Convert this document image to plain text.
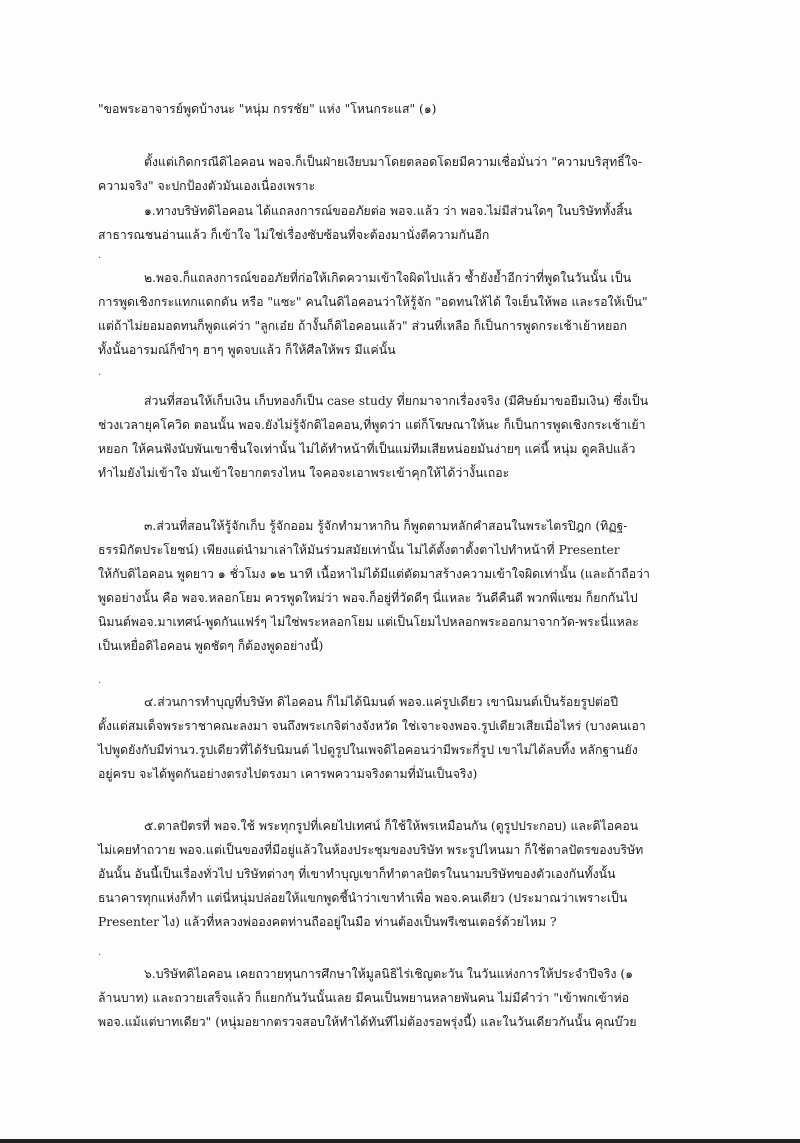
"ขอพระอาจารย์พูดบ้างนะ "หนุ่ม กรรชัย" แห่ง "โหนกระแส" (๑)
ตั้งแต่เกิดกรณีดิไอคอน พอจ.ก็เป็นฝ่ายเงียบมาโดยตลอดโดยมีความเชื่อมั่นว่า "ความบริสุทธิ์ใจ-
ความจริง" จะปกป้องตัวมันเองเนื่องเพราะ
๑.ทางบริษัทดิไอคอน ได้แถลงการณ์ขออภัยต่อ พอจ.แล้ว ว่า พอจ.ไม่มีส่วนใดๆ ในบริษัททั้งสิ้น
สาธารณชนอ่านแล้ว ก็เข้าใจ ไม่ใช่เรื่องซับซ้อนที่จะต้องมานั่งตีความกันอีก
·
๒.พอจ.ก็แถลงการณ์ขออภัยที่ก่อให้เกิดความเข้าใจผิดไปแล้ว ซ้ำยังย้ำอีกว่าที่พูดในวันนั้น เป็น
การพูดเชิงกระแทกแดกดัน หรือ "แซะ" คนในดิไอคอนว่าให้รู้จัก "อดทนให้ได้ ใจเย็นให้พอ และรอให้เป็น"
แต่ถ้าไม่ยอมอดทนก็พูดแค่ว่า "ลูกเอ๋ย ถ้างั้นก็ดิไอคอนแล้ว" ส่วนที่เหลือ ก็เป็นการพูดกระเช้าเย้าหยอก
ทั้งนั้นอารมณ์ก็ขำๆ ฮาๆ พูดจบแล้ว ก็ให้ศีลให้พร มีแค่นั้น
·
ส่วนที่สอนให้เก็บเงิน เก็บทองก็เป็น case study ที่ยกมาจากเรื่องจริง (มีศิษย์มาขอยืมเงิน) ซึ่งเป็น
ช่วงเวลายุคโควิด ตอนนั้น พอจ.ยังไม่รู้จักดิไอคอน,ที่พูดว่า แต่ก็โฆษณาให้นะ ก็เป็นการพูดเชิงกระเช้าเย้า
หยอก ให้คนฟังนับพันเขาชื่นใจเท่านั้น ไม่ได้ทำหน้าที่เป็นแม่ทีมเสียหน่อยมันง่ายๆ แค่นี้ หนุ่ม ดูคลิปแล้ว
ทำไมยังไม่เข้าใจ มันเข้าใจยากตรงไหน ใจคอจะเอาพระเข้าคุกให้ได้ว่างั้นเถอะ
๓.ส่วนที่สอนให้รู้จักเก็บ รู้จักออม รู้จักทำมาหากิน ก็พูดตามหลักคำสอนในพระไตรปิฎก (ทิฏฐ-
ธรรมิกัตประโยชน์) เพียงแต่นำมาเล่าให้มันร่วมสมัยเท่านั้น ไม่ได้ตั้งตาตั้งตาไปทำหน้าที่ Presenter
ให้กับดิไอคอน พูดยาว ๑ ชั่วโมง ๑๒ นาที เนื้อหาไม่ได้มีแต่ตัดมาสร้างความเข้าใจผิดเท่านั้น (และถ้าถือว่า
พูดอย่างนั้น คือ พอจ.หลอกโยม ควรพูดใหม่ว่า พอจ.ก็อยู่ที่วัดดีๆ นี่แหละ วันดีคืนดี พวกพี่แซม ก็ยกกันไป
นิมนต์พอจ.มาเทศน์-พูดกันแฟร์ๆ ไม่ใช่พระหลอกโยม แต่เป็นโยมไปหลอกพระออกมาจากวัด-พระนี่แหละ
เป็นเหยื่อดิไอคอน พูดชัดๆ ก็ต้องพูดอย่างนี้)
·
๔.ส่วนการทำบุญที่บริษัท ดิไอคอน ก็ไม่ได้นิมนต์ พอจ.แค่รูปเดียว เขานิมนต์เป็นร้อยรูปต่อปี
ตั้งแต่สมเด็จพระราชาคณะลงมา จนถึงพระเกจิต่างจังหวัด ใช่เจาะจงพอจ.รูปเดียวเสียเมื่อไหร่ (บางคนเอา
ไปพูดยังกับมีท่านว.รูปเดียวที่ได้รับนิมนต์ ไปดูรูปในเพจดิไอคอนว่ามีพระกี่รูป เขาไม่ได้ลบทิ้ง หลักฐานยัง
อยู่ครบ จะได้พูดกันอย่างตรงไปตรงมา เคารพความจริงตามที่มันเป็นจริง)
๕.ตาลปัตรที่ พอจ.ใช้ พระทุกรูปที่เคยไปเทศน์ ก็ใช้ให้พรเหมือนกัน (ดูรูปประกอบ) และดิไอคอน
ไม่เคยทำถวาย พอจ.แต่เป็นของที่มีอยู่แล้วในห้องประชุมของบริษัท พระรูปไหนมา ก็ใช้ตาลปัตรของบริษัท
อันนั้น อันนี้เป็นเรื่องทั่วไป บริษัทต่างๆ ที่เขาทำบุญเขาก็ทำตาลปัตรในนามบริษัทของตัวเองกันทั้งนั้น
ธนาคารทุกแห่งก็ทำ แต่นี่หนุ่มปล่อยให้แขกพูดชี้นำว่าเขาทำเพื่อ พอจ.คนเดียว (ประมาณว่าเพราะเป็น
Presenter ไง) แล้วที่หลวงพ่อองคตท่านถืออยู่ในมือ ท่านต้องเป็นพรีเซนเตอร์ด้วยไหม ?
·
๖.บริษัทดิไอคอน เคยถวายทุนการศึกษาให้มูลนิธิไร่เชิญตะวัน ในวันแห่งการให้ประจำปีจริง (๑
ล้านบาท) และถวายเสร็จแล้ว ก็แยกกันวันนั้นเลย มีคนเป็นพยานหลายพันคน ไม่มีคำว่า "เข้าพกเข้าห่อ
พอจ.แม้แต่บาทเดียว" (หนุ่มอยากตรวจสอบให้ทำได้ทันทีไม่ต้องรอพรุ่งนี้) และในวันเดียวกันนั้น คุณบ๊วย
